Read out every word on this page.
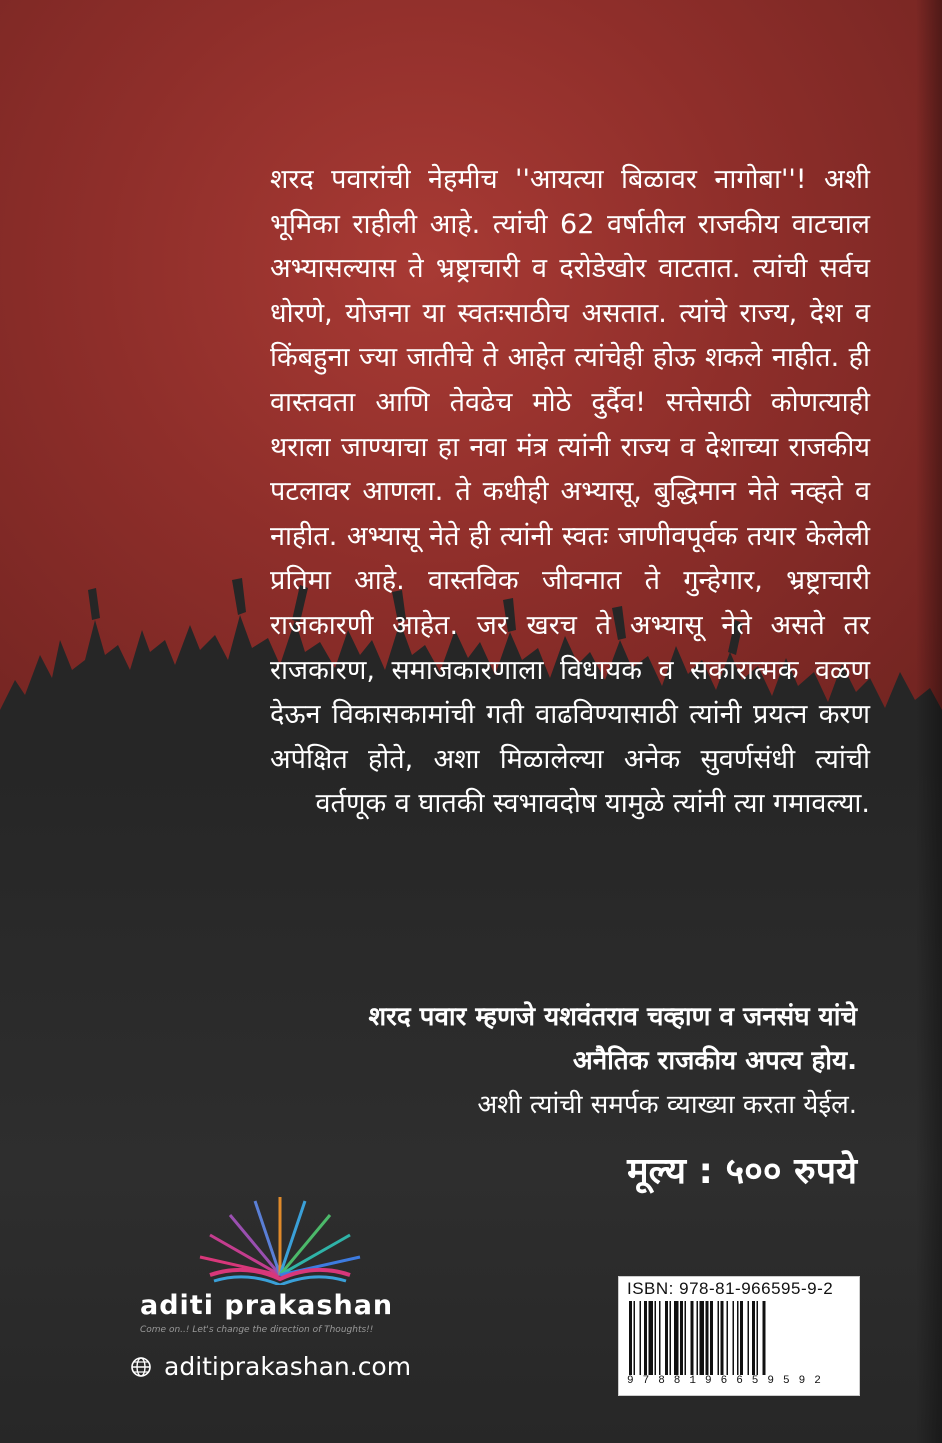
शरद पवारांची नेहमीच ''आयत्या बिळावर नागोबा''! अशी भूमिका राहीली आहे. त्यांची 62 वर्षातील राजकीय वाटचाल अभ्यासल्यास ते भ्रष्ट्राचारी व दरोडेखोर वाटतात. त्यांची सर्वच धोरणे, योजना या स्वतःसाठीच असतात. त्यांचे राज्य, देश व किंबहुना ज्या जातीचे ते आहेत त्यांचेही होऊ शकले नाहीत. ही वास्तवता आणि तेवढेच मोठे दुर्दैव! सत्तेसाठी कोणत्याही थराला जाण्याचा हा नवा मंत्र त्यांनी राज्य व देशाच्या राजकीय पटलावर आणला. ते कधीही अभ्यासू, बुद्धिमान नेते नव्हते व नाहीत. अभ्यासू नेते ही त्यांनी स्वतः जाणीवपूर्वक तयार केलेली प्रतिमा आहे. वास्तविक जीवनात ते गुन्हेगार, भ्रष्ट्राचारी राजकारणी आहेत. जर खरच ते अभ्यासू नेते असते तर राजकारण, समाजकारणाला विधायक व सकारात्मक वळण देऊन विकासकामांची गती वाढविण्यासाठी त्यांनी प्रयत्न करण अपेक्षित होते, अशा मिळालेल्या अनेक सुवर्णसंधी त्यांची वर्तणूक व घातकी स्वभावदोष यामुळे त्यांनी त्या गमावल्या.

शरद पवार म्हणजे यशवंतराव चव्हाण व जनसंघ यांचे
अनैतिक राजकीय अपत्य होय.
अशी त्यांची समर्पक व्याख्या करता येईल.
मूल्य : ५०० रुपये
aditi prakashan
Come on..! Let's change the direction of Thoughts!!
aditiprakashan.com
ISBN: 978-81-966595-9-2
9788196659592
